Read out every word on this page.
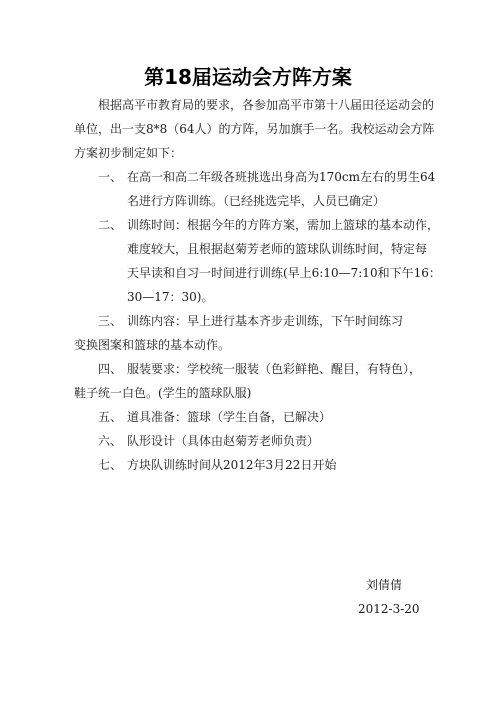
第18届运动会方阵方案
根据高平市教育局的要求，各参加高平市第十八届田径运动会的
单位，出一支8*8（64人）的方阵，另加旗手一名。我校运动会方阵
方案初步制定如下：
一、 在高一和高二年级各班挑选出身高为170cm左右的男生64
名进行方阵训练。（已经挑选完毕，人员已确定）
二、 训练时间：根据今年的方阵方案，需加上篮球的基本动作，
难度较大，且根据赵菊芳老师的篮球队训练时间，特定每
天早读和自习一时间进行训练(早上6:10—7:10和下午16：
30—17：30)。
三、 训练内容：早上进行基本齐步走训练，下午时间练习
变换图案和篮球的基本动作。
四、 服装要求：学校统一服装（色彩鲜艳、醒目，有特色），
鞋子统一白色。(学生的篮球队服)
五、 道具准备：篮球（学生自备，已解决）
六、 队形设计（具体由赵菊芳老师负责）
七、 方块队训练时间从2012年3月22日开始
刘倩倩
2012-3-20
